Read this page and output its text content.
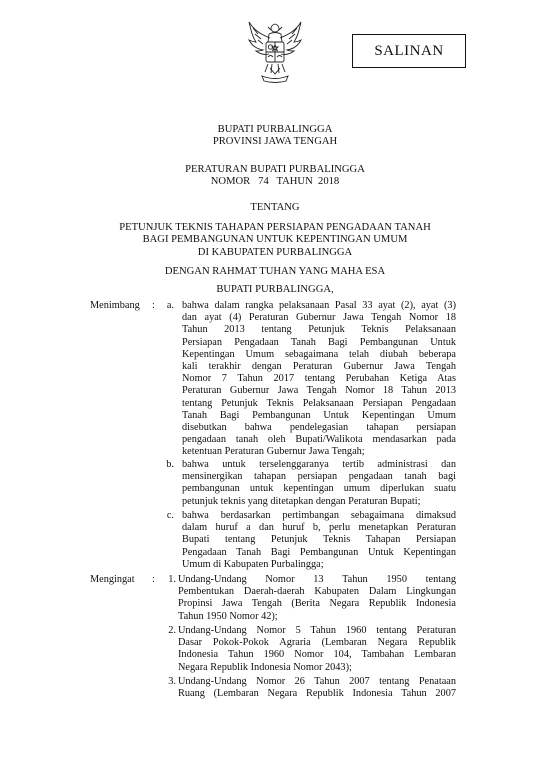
SALINAN
BUPATI PURBALINGGA
PROVINSI JAWA TENGAH
PERATURAN BUPATI PURBALINGGA
NOMOR   74   TAHUN  2018
TENTANG
PETUNJUK TEKNIS TAHAPAN PERSIAPAN PENGADAAN TANAH
BAGI PEMBANGUNAN UNTUK KEPENTINGAN UMUM
DI KABUPATEN PURBALINGGA
DENGAN RAHMAT TUHAN YANG MAHA ESA
BUPATI PURBALINGGA,
Menimbang :	a. bahwa dalam rangka pelaksanaan Pasal 33 ayat (2), ayat (3)
dan ayat (4) Peraturan Gubernur Jawa Tengah Nomor 18
Tahun 2013 tentang Petunjuk Teknis Pelaksanaan
Persiapan Pengadaan Tanah Bagi Pembangunan Untuk
Kepentingan Umum sebagaimana telah diubah beberapa
kali terakhir dengan Peraturan Gubernur Jawa Tengah
Nomor 7 Tahun 2017 tentang Perubahan Ketiga Atas
Peraturan Gubernur Jawa Tengah Nomor 18 Tahun 2013
tentang Petunjuk Teknis Pelaksanaan Persiapan Pengadaan
Tanah Bagi Pembangunan Untuk Kepentingan Umum
disebutkan bahwa pendelegasian tahapan persiapan
pengadaan tanah oleh Bupati/Walikota mendasarkan pada
ketentuan Peraturan Gubernur Jawa Tengah;
b. bahwa untuk terselenggaranya tertib administrasi dan
mensinergikan tahapan persiapan pengadaan tanah bagi
pembangunan untuk kepentingan umum diperlukan suatu
petunjuk teknis yang ditetapkan dengan Peraturan Bupati;
c. bahwa berdasarkan pertimbangan sebagaimana dimaksud
dalam huruf a dan huruf b, perlu menetapkan Peraturan
Bupati tentang Petunjuk Teknis Tahapan Persiapan
Pengadaan Tanah Bagi Pembangunan Untuk Kepentingan
Umum di Kabupaten Purbalingga;
Mengingat :	1. Undang-Undang Nomor 13 Tahun 1950 tentang
Pembentukan Daerah-daerah Kabupaten Dalam Lingkungan
Propinsi Jawa Tengah (Berita Negara Republik Indonesia
Tahun 1950 Nomor 42);
2. Undang-Undang Nomor 5 Tahun 1960 tentang Peraturan
Dasar Pokok-Pokok Agraria (Lembaran Negara Republik
Indonesia Tahun 1960 Nomor 104, Tambahan Lembaran
Negara Republik Indonesia Nomor 2043);
3. Undang-Undang Nomor 26 Tahun 2007 tentang Penataan
Ruang (Lembaran Negara Republik Indonesia Tahun 2007
